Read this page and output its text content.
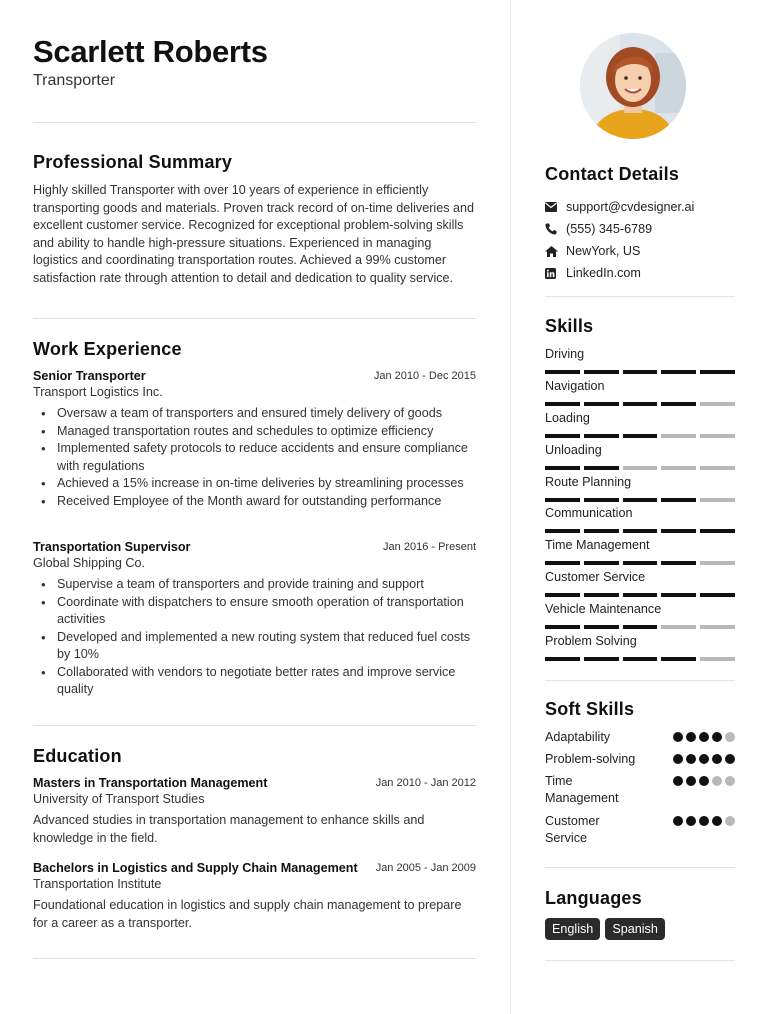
Scarlett Roberts
Transporter
Professional Summary
Highly skilled Transporter with over 10 years of experience in efficiently transporting goods and materials. Proven track record of on-time deliveries and excellent customer service. Recognized for exceptional problem-solving skills and ability to handle high-pressure situations. Experienced in managing logistics and coordinating transportation routes. Achieved a 99% customer satisfaction rate through attention to detail and dedication to quality service.
Work Experience
Senior Transporter	Jan 2010 - Dec 2015
Transport Logistics Inc.
• Oversaw a team of transporters and ensured timely delivery of goods
• Managed transportation routes and schedules to optimize efficiency
• Implemented safety protocols to reduce accidents and ensure compliance with regulations
• Achieved a 15% increase in on-time deliveries by streamlining processes
• Received Employee of the Month award for outstanding performance
Transportation Supervisor	Jan 2016 - Present
Global Shipping Co.
• Supervise a team of transporters and provide training and support
• Coordinate with dispatchers to ensure smooth operation of transportation activities
• Developed and implemented a new routing system that reduced fuel costs by 10%
• Collaborated with vendors to negotiate better rates and improve service quality
Education
Masters in Transportation Management	Jan 2010 - Jan 2012
University of Transport Studies
Advanced studies in transportation management to enhance skills and knowledge in the field.
Bachelors in Logistics and Supply Chain Management	Jan 2005 - Jan 2009
Transportation Institute
Foundational education in logistics and supply chain management to prepare for a career as a transporter.
Contact Details
support@cvdesigner.ai
(555) 345-6789
NewYork, US
LinkedIn.com
Skills
Driving
Navigation
Loading
Unloading
Route Planning
Communication
Time Management
Customer Service
Vehicle Maintenance
Problem Solving
Soft Skills
Adaptability
Problem-solving
Time Management
Customer Service
Languages
English	Spanish
